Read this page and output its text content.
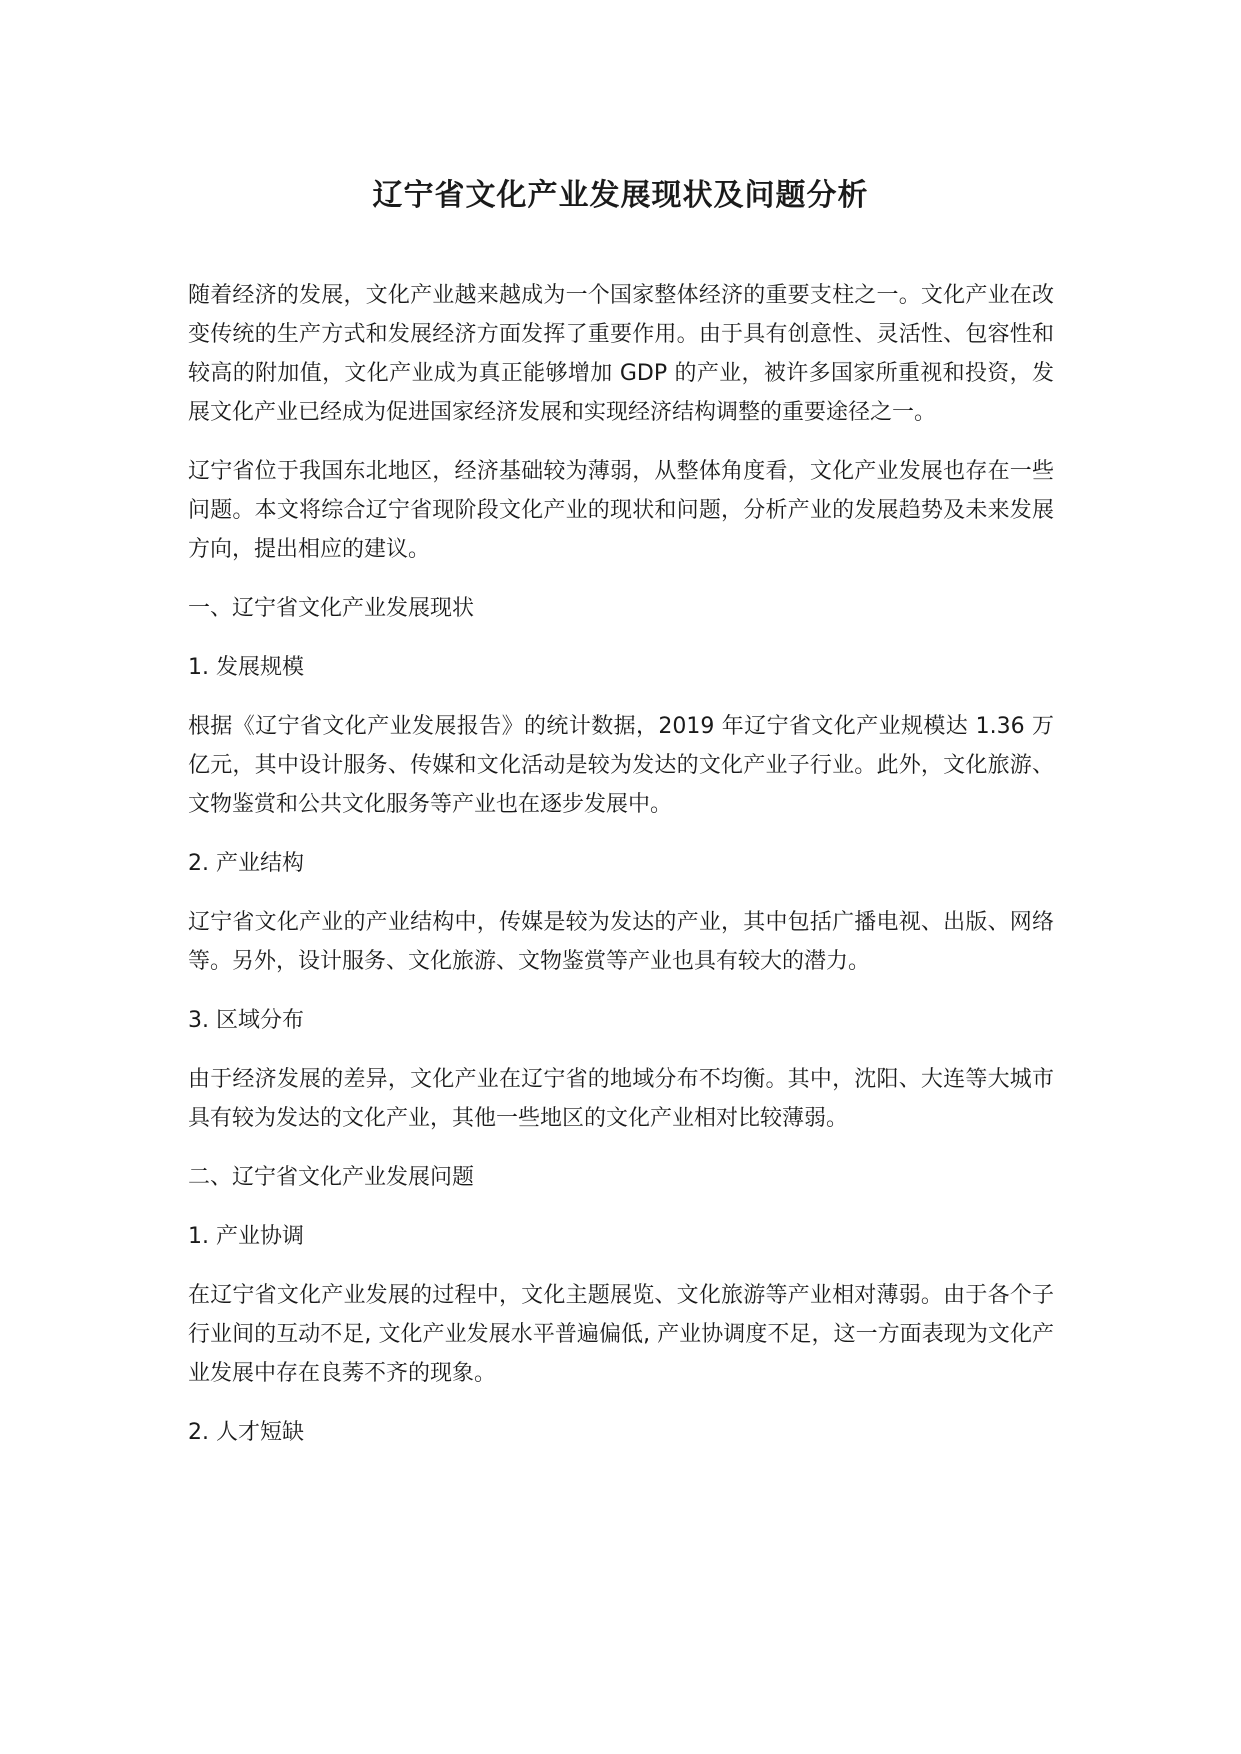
辽宁省文化产业发展现状及问题分析

随着经济的发展，文化产业越来越成为一个国家整体经济的重要支柱之一。文化产业在改变传统的生产方式和发展经济方面发挥了重要作用。由于具有创意性、灵活性、包容性和较高的附加值，文化产业成为真正能够增加 GDP 的产业，被许多国家所重视和投资，发展文化产业已经成为促进国家经济发展和实现经济结构调整的重要途径之一。

辽宁省位于我国东北地区，经济基础较为薄弱，从整体角度看，文化产业发展也存在一些问题。本文将综合辽宁省现阶段文化产业的现状和问题，分析产业的发展趋势及未来发展方向，提出相应的建议。

一、辽宁省文化产业发展现状

1. 发展规模

根据《辽宁省文化产业发展报告》的统计数据，2019 年辽宁省文化产业规模达 1.36 万亿元，其中设计服务、传媒和文化活动是较为发达的文化产业子行业。此外，文化旅游、文物鉴赏和公共文化服务等产业也在逐步发展中。

2. 产业结构

辽宁省文化产业的产业结构中，传媒是较为发达的产业，其中包括广播电视、出版、网络等。另外，设计服务、文化旅游、文物鉴赏等产业也具有较大的潜力。

3. 区域分布

由于经济发展的差异，文化产业在辽宁省的地域分布不均衡。其中，沈阳、大连等大城市具有较为发达的文化产业，其他一些地区的文化产业相对比较薄弱。

二、辽宁省文化产业发展问题

1. 产业协调

在辽宁省文化产业发展的过程中，文化主题展览、文化旅游等产业相对薄弱。由于各个子行业间的互动不足, 文化产业发展水平普遍偏低, 产业协调度不足，这一方面表现为文化产业发展中存在良莠不齐的现象。

2. 人才短缺
